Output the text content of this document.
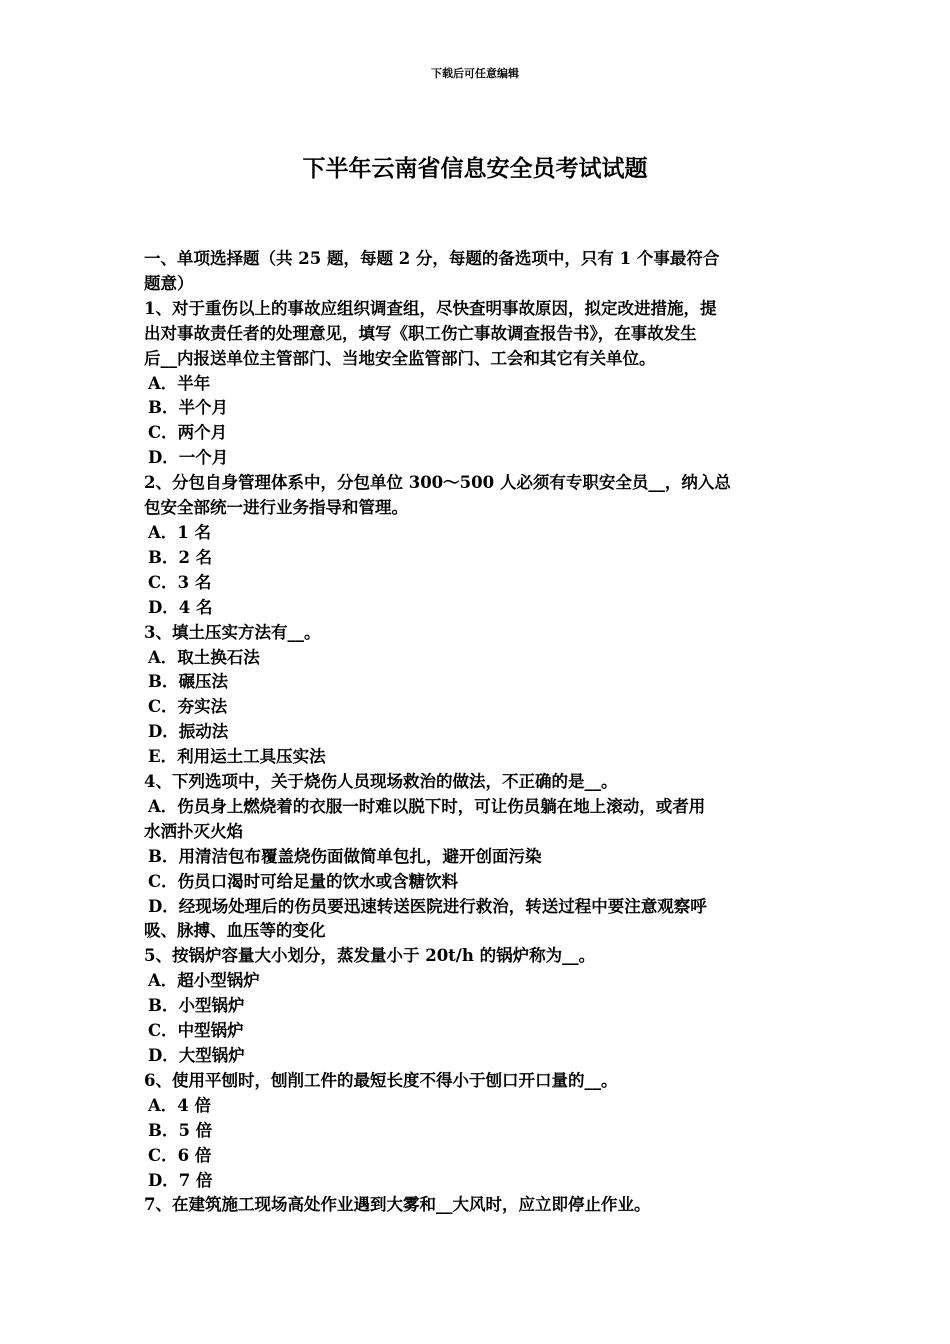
下载后可任意编辑
下半年云南省信息安全员考试试题
一、单项选择题（共 25 题，每题 2 分，每题的备选项中，只有 1 个事最符合
题意）
1、对于重伤以上的事故应组织调查组，尽快查明事故原因，拟定改进措施，提
出对事故责任者的处理意见，填写《职工伤亡事故调查报告书》，在事故发生
后__内报送单位主管部门、当地安全监管部门、工会和其它有关单位。
A．半年
B．半个月
C．两个月
D．一个月
2、分包自身管理体系中，分包单位 300～500 人必须有专职安全员__，纳入总
包安全部统一进行业务指导和管理。
A．1 名
B．2 名
C．3 名
D．4 名
3、填土压实方法有__。
A．取土换石法
B．碾压法
C．夯实法
D．振动法
E．利用运土工具压实法
4、下列选项中，关于烧伤人员现场救治的做法，不正确的是__。
A．伤员身上燃烧着的衣服一时难以脱下时，可让伤员躺在地上滚动，或者用
水洒扑灭火焰
B．用清洁包布覆盖烧伤面做简单包扎，避开创面污染
C．伤员口渴时可给足量的饮水或含糖饮料
D．经现场处理后的伤员要迅速转送医院进行救治，转送过程中要注意观察呼
吸、脉搏、血压等的变化
5、按锅炉容量大小划分，蒸发量小于 20t/h 的锅炉称为__。
A．超小型锅炉
B．小型锅炉
C．中型锅炉
D．大型锅炉
6、使用平刨时，刨削工件的最短长度不得小于刨口开口量的__。
A．4 倍
B．5 倍
C．6 倍
D．7 倍
7、在建筑施工现场高处作业遇到大雾和__大风时，应立即停止作业。
